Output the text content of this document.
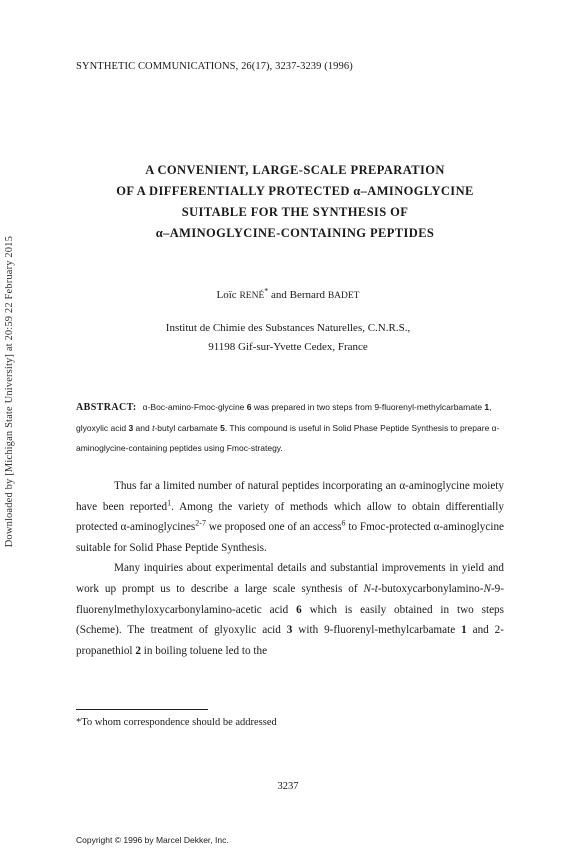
Downloaded by [Michigan State University] at 20:59 22 February 2015
SYNTHETIC COMMUNICATIONS, 26(17), 3237-3239 (1996)
A CONVENIENT, LARGE-SCALE PREPARATION
OF A DIFFERENTIALLY PROTECTED α–AMINOGLYCINE
SUITABLE FOR THE SYNTHESIS OF
α–AMINOGLYCINE-CONTAINING PEPTIDES
Loïc RENÉ* and Bernard BADET
Institut de Chimie des Substances Naturelles, C.N.R.S.,
91198 Gif-sur-Yvette Cedex, France
ABSTRACT: α-Boc-amino-Fmoc-glycine 6 was prepared in two steps from 9-fluorenyl-methylcarbamate 1, glyoxylic acid 3 and t-butyl carbamate 5. This compound is useful in Solid Phase Peptide Synthesis to prepare α-aminoglycine-containing peptides using Fmoc-strategy.

Thus far a limited number of natural peptides incorporating an α-aminoglycine moiety have been reported$^1$. Among the variety of methods which allow to obtain differentially protected α-aminoglycines$^{2-7}$ we proposed one of an access$^6$ to Fmoc-protected α-aminoglycine suitable for Solid Phase Peptide Synthesis.

Many inquiries about experimental details and substantial improvements in yield and work up prompt us to describe a large scale synthesis of N-t-butoxycarbonylamino-N-9-fluorenylmethyloxycarbonylamino-acetic acid 6 which is easily obtained in two steps (Scheme). The treatment of glyoxylic acid 3 with 9-fluorenyl-methylcarbamate 1 and 2-propanethiol 2 in boiling toluene led to the

*To whom correspondence should be addressed
3237
Copyright © 1996 by Marcel Dekker, Inc.
